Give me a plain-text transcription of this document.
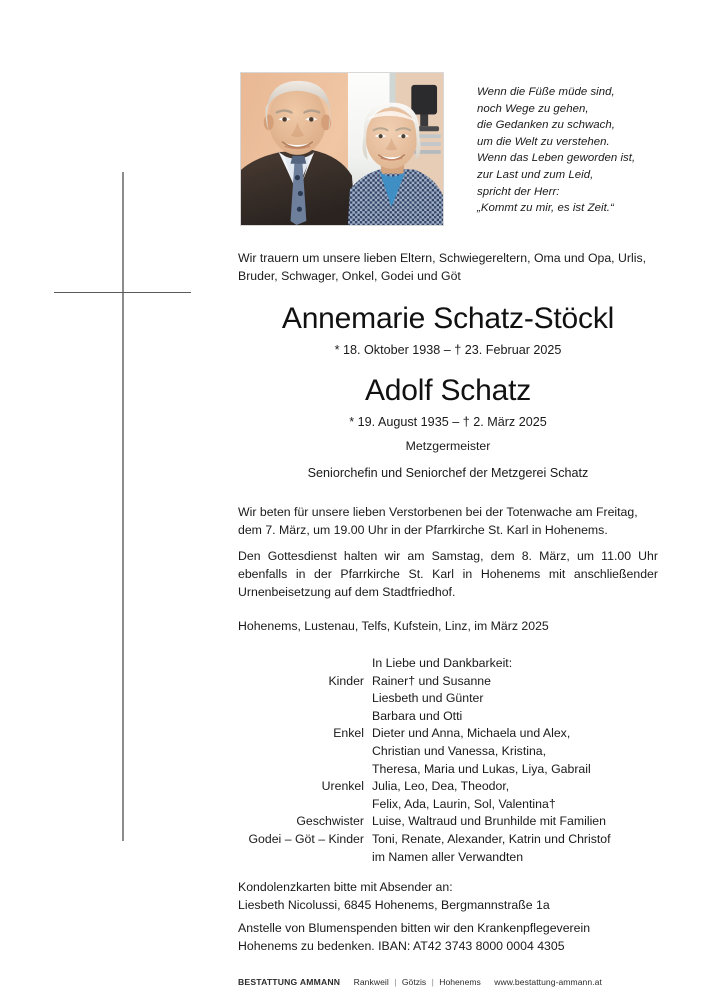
Wenn die Füße müde sind,
noch Wege zu gehen,
die Gedanken zu schwach,
um die Welt zu verstehen.
Wenn das Leben geworden ist,
zur Last und zum Leid,
spricht der Herr:
„Kommt zu mir, es ist Zeit.“
Wir trauern um unsere lieben Eltern, Schwiegereltern, Oma und Opa, Urlis, Bruder, Schwager, Onkel, Godei und Göt
Annemarie Schatz-Stöckl
* 18. Oktober 1938 – † 23. Februar 2025
Adolf Schatz
* 19. August 1935 – † 2. März 2025
Metzgermeister
Seniorchefin und Seniorchef der Metzgerei Schatz
Wir beten für unsere lieben Verstorbenen bei der Totenwache am Freitag, dem 7. März, um 19.00 Uhr in der Pfarrkirche St. Karl in Hohenems.
Den Gottesdienst halten wir am Samstag, dem 8. März, um 11.00 Uhr ebenfalls in der Pfarrkirche St. Karl in Hohenems mit anschließender Urnenbeisetzung auf dem Stadtfriedhof.
Hohenems, Lustenau, Telfs, Kufstein, Linz, im März 2025
	In Liebe und Dankbarkeit:
Kinder	Rainer† und Susanne
	Liesbeth und Günter
	Barbara und Otti
Enkel	Dieter und Anna, Michaela und Alex,
	Christian und Vanessa, Kristina,
	Theresa, Maria und Lukas, Liya, Gabrail
Urenkel	Julia, Leo, Dea, Theodor,
	Felix, Ada, Laurin, Sol, Valentina†
Geschwister	Luise, Waltraud und Brunhilde mit Familien
Godei – Göt – Kinder	Toni, Renate, Alexander, Katrin und Christof
	im Namen aller Verwandten
Kondolenzkarten bitte mit Absender an:
Liesbeth Nicolussi, 6845 Hohenems, Bergmannstraße 1a
Anstelle von Blumenspenden bitten wir den Krankenpflegeverein
Hohenems zu bedenken. IBAN: AT42 3743 8000 0004 4305
BESTATTUNG AMMANN Rankweil | Götzis | Hohenems www.bestattung-ammann.at
